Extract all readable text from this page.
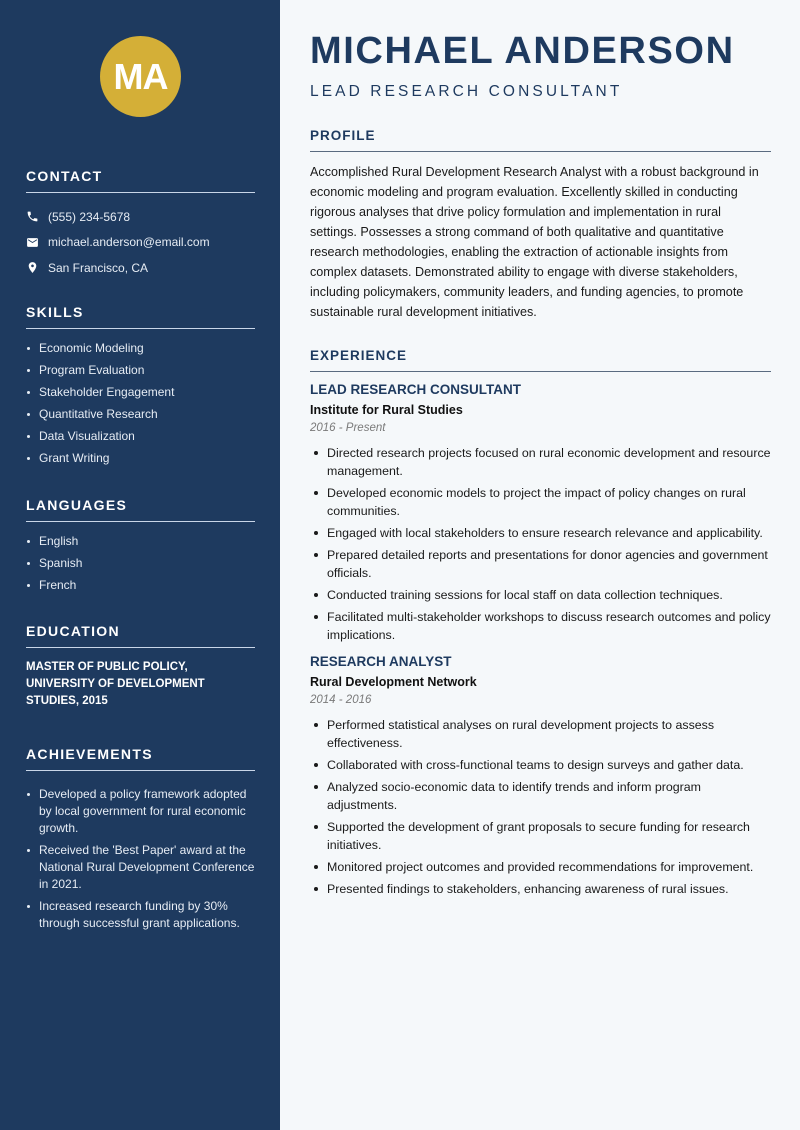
MA
CONTACT
(555) 234-5678
michael.anderson@email.com
San Francisco, CA
SKILLS
Economic Modeling
Program Evaluation
Stakeholder Engagement
Quantitative Research
Data Visualization
Grant Writing
LANGUAGES
English
Spanish
French
EDUCATION
MASTER OF PUBLIC POLICY, UNIVERSITY OF DEVELOPMENT STUDIES, 2015
ACHIEVEMENTS
Developed a policy framework adopted by local government for rural economic growth.
Received the 'Best Paper' award at the National Rural Development Conference in 2021.
Increased research funding by 30% through successful grant applications.
MICHAEL ANDERSON
LEAD RESEARCH CONSULTANT
PROFILE

Accomplished Rural Development Research Analyst with a robust background in economic modeling and program evaluation. Excellently skilled in conducting rigorous analyses that drive policy formulation and implementation in rural settings. Possesses a strong command of both qualitative and quantitative research methodologies, enabling the extraction of actionable insights from complex datasets. Demonstrated ability to engage with diverse stakeholders, including policymakers, community leaders, and funding agencies, to promote sustainable rural development initiatives.

EXPERIENCE
LEAD RESEARCH CONSULTANT
Institute for Rural Studies
2016 - Present
Directed research projects focused on rural economic development and resource management.
Developed economic models to project the impact of policy changes on rural communities.
Engaged with local stakeholders to ensure research relevance and applicability.
Prepared detailed reports and presentations for donor agencies and government officials.
Conducted training sessions for local staff on data collection techniques.
Facilitated multi-stakeholder workshops to discuss research outcomes and policy implications.
RESEARCH ANALYST
Rural Development Network
2014 - 2016
Performed statistical analyses on rural development projects to assess effectiveness.
Collaborated with cross-functional teams to design surveys and gather data.
Analyzed socio-economic data to identify trends and inform program adjustments.
Supported the development of grant proposals to secure funding for research initiatives.
Monitored project outcomes and provided recommendations for improvement.
Presented findings to stakeholders, enhancing awareness of rural issues.
